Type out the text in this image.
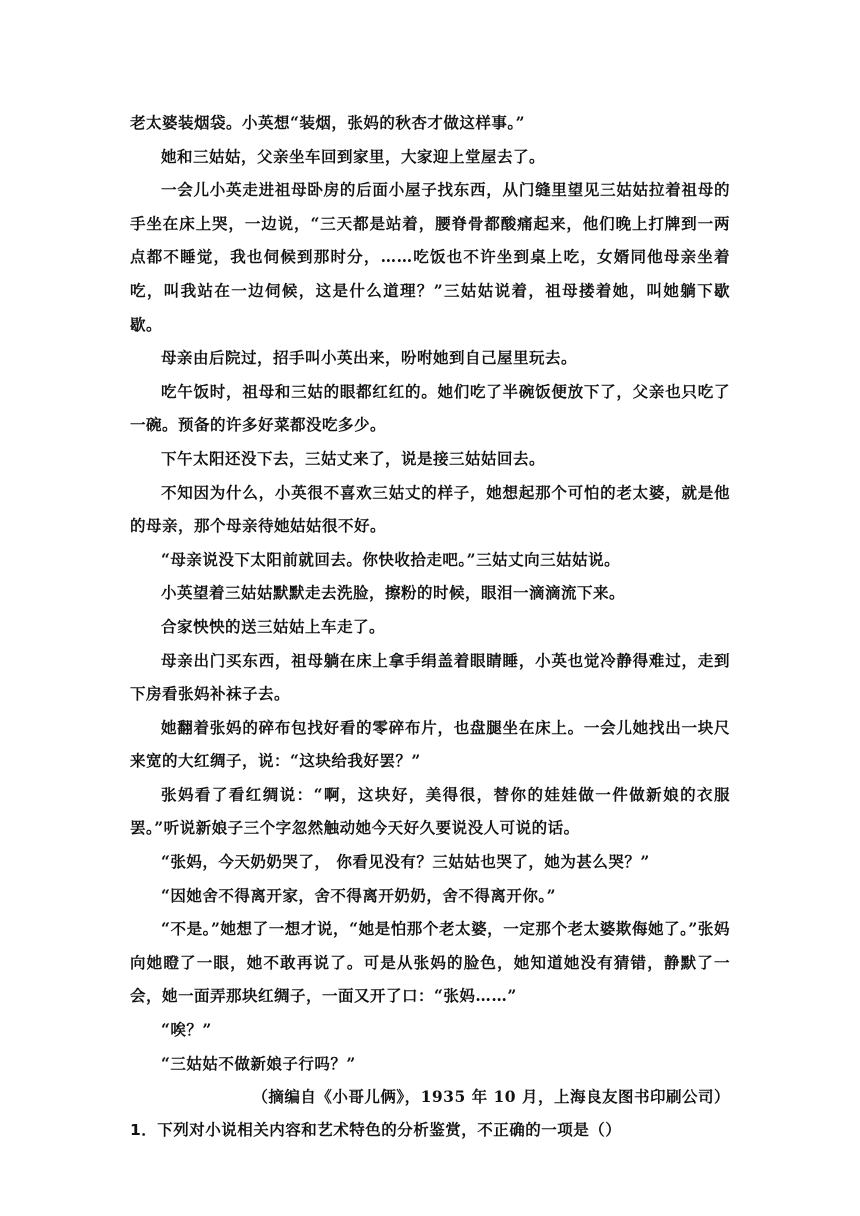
老太婆装烟袋。小英想“装烟，张妈的秋杏才做这样事。”

她和三姑姑，父亲坐车回到家里，大家迎上堂屋去了。

一会儿小英走进祖母卧房的后面小屋子找东西，从门缝里望见三姑姑拉着祖母的手坐在床上哭，一边说，“三天都是站着，腰脊骨都酸痛起来，他们晚上打牌到一两点都不睡觉，我也伺候到那时分，……吃饭也不许坐到桌上吃，女婿同他母亲坐着吃，叫我站在一边伺候，这是什么道理？”三姑姑说着，祖母搂着她，叫她躺下歇歇。

母亲由后院过，招手叫小英出来，吩咐她到自己屋里玩去。

吃午饭时，祖母和三姑的眼都红红的。她们吃了半碗饭便放下了，父亲也只吃了一碗。预备的许多好菜都没吃多少。

下午太阳还没下去，三姑丈来了，说是接三姑姑回去。

不知因为什么，小英很不喜欢三姑丈的样子，她想起那个可怕的老太婆，就是他的母亲，那个母亲待她姑姑很不好。

“母亲说没下太阳前就回去。你快收拾走吧。”三姑丈向三姑姑说。

小英望着三姑姑默默走去洗脸，擦粉的时候，眼泪一滴滴流下来。

合家怏怏的送三姑姑上车走了。

母亲出门买东西，祖母躺在床上拿手绢盖着眼睛睡，小英也觉冷静得难过，走到下房看张妈补袜子去。

她翻着张妈的碎布包找好看的零碎布片，也盘腿坐在床上。一会儿她找出一块尺来宽的大红绸子，说：“这块给我好罢？”

张妈看了看红绸说：“啊，这块好，美得很，替你的娃娃做一件做新娘的衣服罢。”听说新娘子三个字忽然触动她今天好久要说没人可说的话。

“张妈，今天奶奶哭了， 你看见没有？三姑姑也哭了，她为甚么哭？”

“因她舍不得离开家，舍不得离开奶奶，舍不得离开你。”

“不是。”她想了一想才说，“她是怕那个老太婆，一定那个老太婆欺侮她了。”张妈向她瞪了一眼，她不敢再说了。可是从张妈的脸色，她知道她没有猜错，静默了一会，她一面弄那块红绸子，一面又开了口：“张妈……”

“唉？”

“三姑姑不做新娘子行吗？”

（摘编自《小哥儿俩》，1935 年 10 月，上海良友图书印刷公司）

1．下列对小说相关内容和艺术特色的分析鉴赏，不正确的一项是（）
